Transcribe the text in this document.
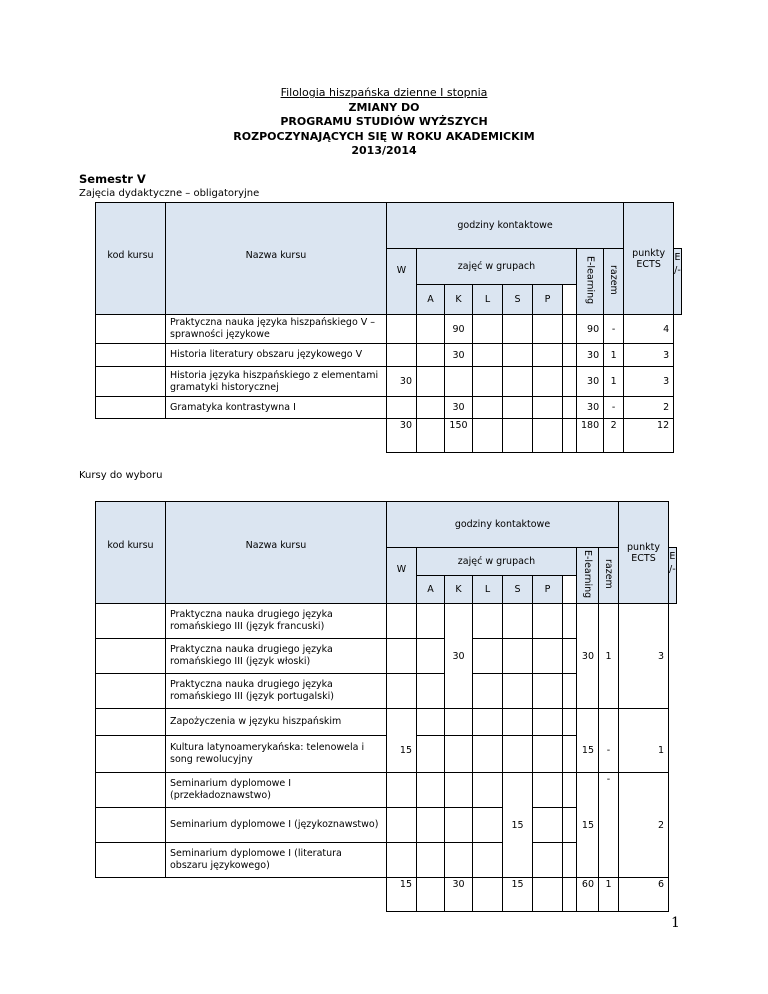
Filologia hiszpańska dzienne I stopnia
ZMIANY DO
PROGRAMU STUDIÓW WYŻSZYCH
ROZPOCZYNAJĄCYCH SIĘ W ROKU AKADEMICKIM
2013/2014
Semestr V
Zajęcia dydaktyczne – obligatoryjne
kod kursu	Nazwa kursu	godziny kontaktowe									punkty ECTS	
		W	zajęć w grupach						E-learning	razem		E
/-
			A	K	L	S	P					
	Praktyczna nauka języka hiszpańskiego V – sprawności językowe			90					90	-	4	
	Historia literatury obszaru językowego V			30					30	1	3	
	Historia języka hiszpańskiego z elementami gramatyki historycznej	30							30	1	3	
	Gramatyka kontrastywna I			30					30	-	2	
		30		150					180	2	12	
Kursy do wyboru
kod kursu	Nazwa kursu	godziny kontaktowe									punkty ECTS	
		W	zajęć w grupach						E-learning	razem		E
/-
			A	K	L	S	P					
	Praktyczna nauka drugiego języka romańskiego III (język francuski)			30					30	1	3	
	Praktyczna nauka drugiego języka romańskiego III (język włoski)											
	Praktyczna nauka drugiego języka romańskiego III (język portugalski)											
	Zapożyczenia w języku hiszpańskim	15							15	-	1	
	Kultura latynoamerykańska: telenowela i song rewolucyjny											
	Seminarium dyplomowe I (przekładoznawstwo)					15			15	-	2	
	Seminarium dyplomowe I (językoznawstwo)											
	Seminarium dyplomowe I (literatura obszaru językowego)											
		15		30		15			60	1	6	
1
